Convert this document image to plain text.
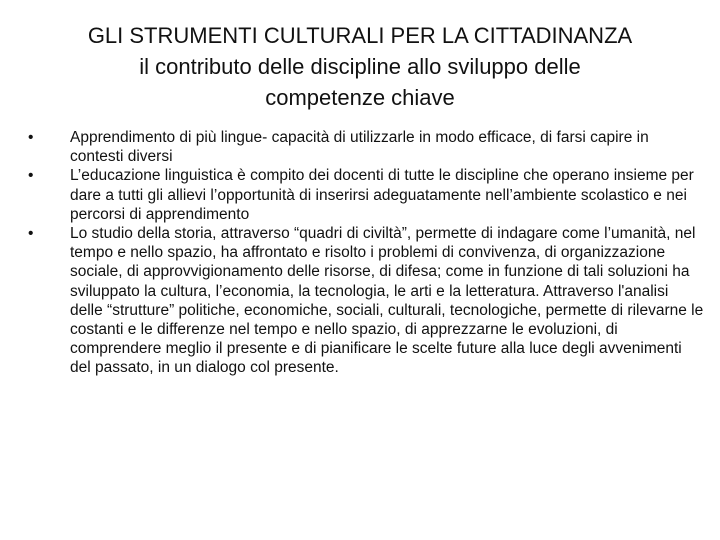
GLI STRUMENTI CULTURALI PER LA CITTADINANZA
il contributo delle discipline allo sviluppo delle
competenze chiave
•	Apprendimento di più lingue- capacità di utilizzarle in modo efficace, di farsi capire in contesti diversi
•	L’educazione linguistica è compito dei docenti di tutte le discipline che operano insieme per dare a tutti gli allievi l’opportunità di inserirsi adeguatamente nell’ambiente scolastico e nei percorsi di apprendimento
•	Lo studio della storia, attraverso “quadri di civiltà”, permette di indagare come l’umanità, nel tempo e nello spazio, ha affrontato e risolto i problemi di convivenza, di organizzazione sociale, di approvvigionamento delle risorse, di difesa; come in funzione di tali soluzioni ha sviluppato la cultura, l’economia, la tecnologia, le arti e la letteratura. Attraverso l'analisi delle “strutture” politiche, economiche, sociali, culturali, tecnologiche, permette di rilevarne le costanti e le differenze nel tempo e nello spazio, di apprezzarne le evoluzioni, di comprendere meglio il presente e di pianificare le scelte future alla luce degli avvenimenti del passato, in un dialogo col presente.
